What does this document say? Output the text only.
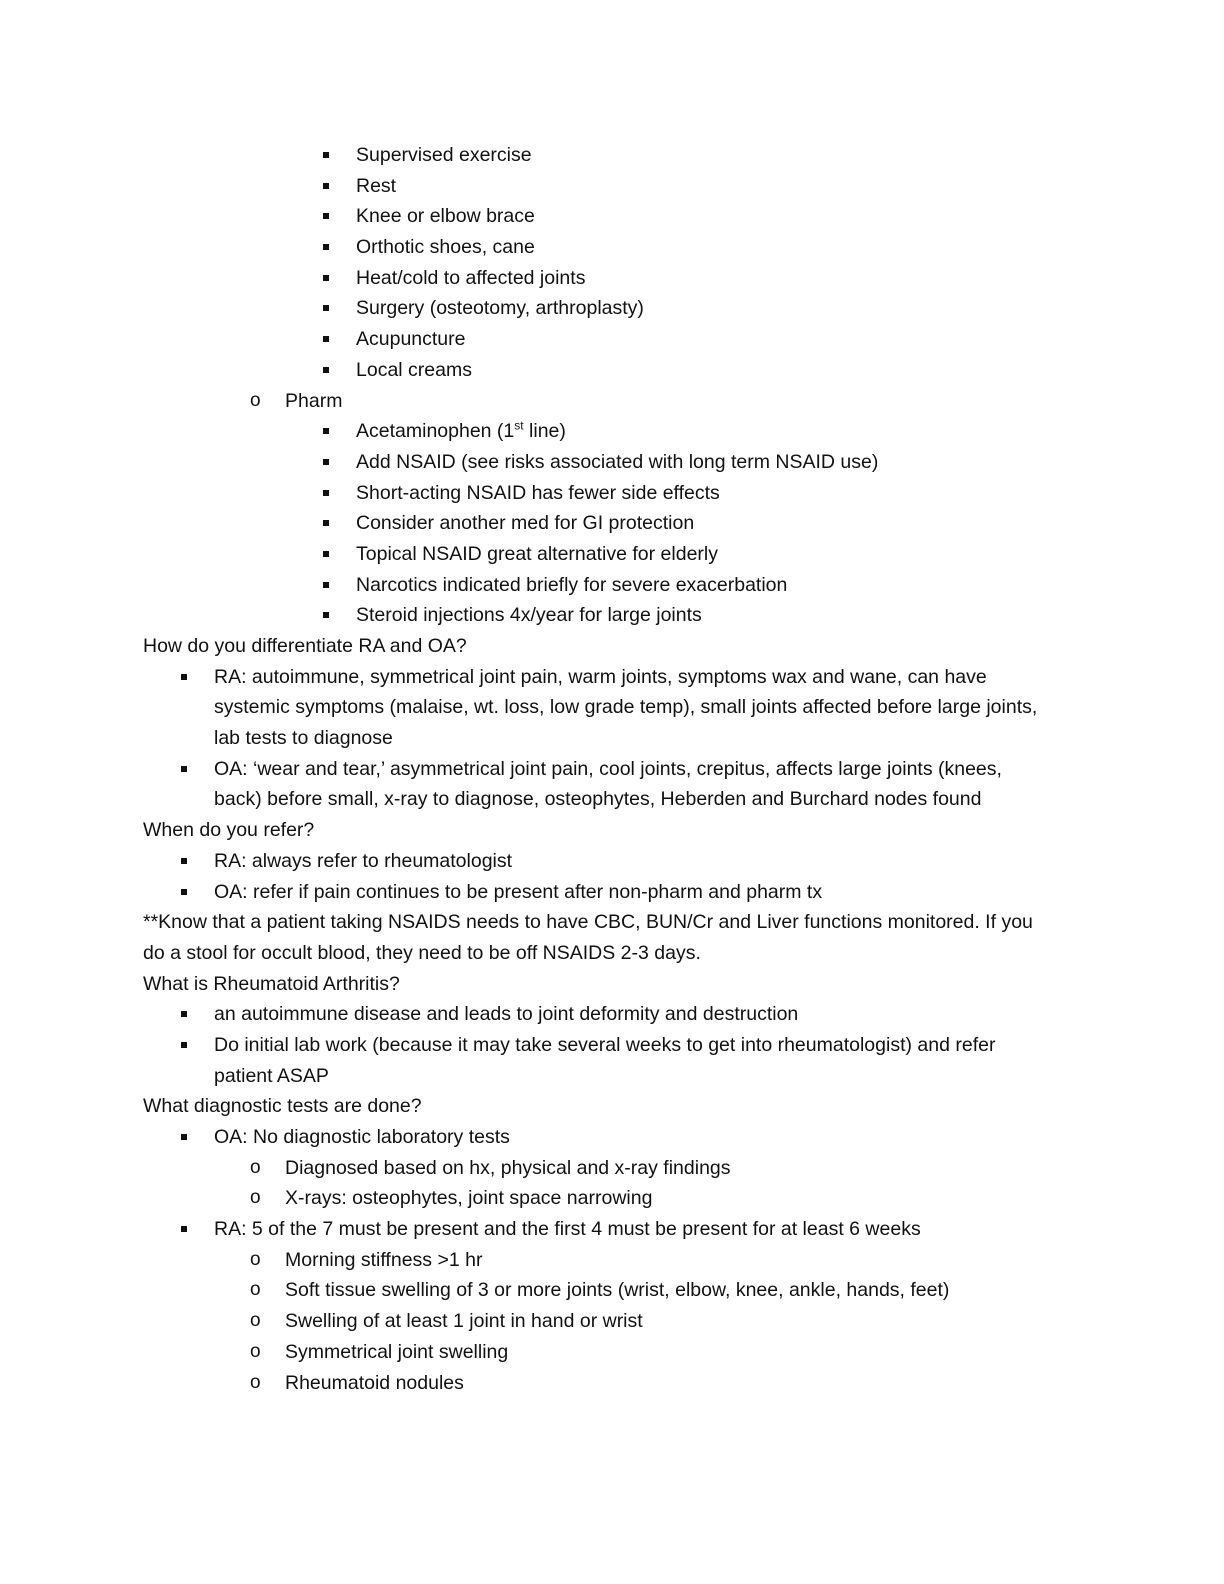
Supervised exercise
Rest
Knee or elbow brace
Orthotic shoes, cane
Heat/cold to affected joints
Surgery (osteotomy, arthroplasty)
Acupuncture
Local creams
o Pharm
Acetaminophen (1st line)
Add NSAID (see risks associated with long term NSAID use)
Short-acting NSAID has fewer side effects
Consider another med for GI protection
Topical NSAID great alternative for elderly
Narcotics indicated briefly for severe exacerbation
Steroid injections 4x/year for large joints
How do you differentiate RA and OA?
RA: autoimmune, symmetrical joint pain, warm joints, symptoms wax and wane, can have
systemic symptoms (malaise, wt. loss, low grade temp), small joints affected before large joints,
lab tests to diagnose
OA: ‘wear and tear,’ asymmetrical joint pain, cool joints, crepitus, affects large joints (knees,
back) before small, x-ray to diagnose, osteophytes, Heberden and Burchard nodes found
When do you refer?
RA: always refer to rheumatologist
OA: refer if pain continues to be present after non-pharm and pharm tx
**Know that a patient taking NSAIDS needs to have CBC, BUN/Cr and Liver functions monitored. If you
do a stool for occult blood, they need to be off NSAIDS 2-3 days.
What is Rheumatoid Arthritis?
an autoimmune disease and leads to joint deformity and destruction
Do initial lab work (because it may take several weeks to get into rheumatologist) and refer
patient ASAP
What diagnostic tests are done?
OA: No diagnostic laboratory tests
o Diagnosed based on hx, physical and x-ray findings
o X-rays: osteophytes, joint space narrowing
RA: 5 of the 7 must be present and the first 4 must be present for at least 6 weeks
o Morning stiffness >1 hr
o Soft tissue swelling of 3 or more joints (wrist, elbow, knee, ankle, hands, feet)
o Swelling of at least 1 joint in hand or wrist
o Symmetrical joint swelling
o Rheumatoid nodules
